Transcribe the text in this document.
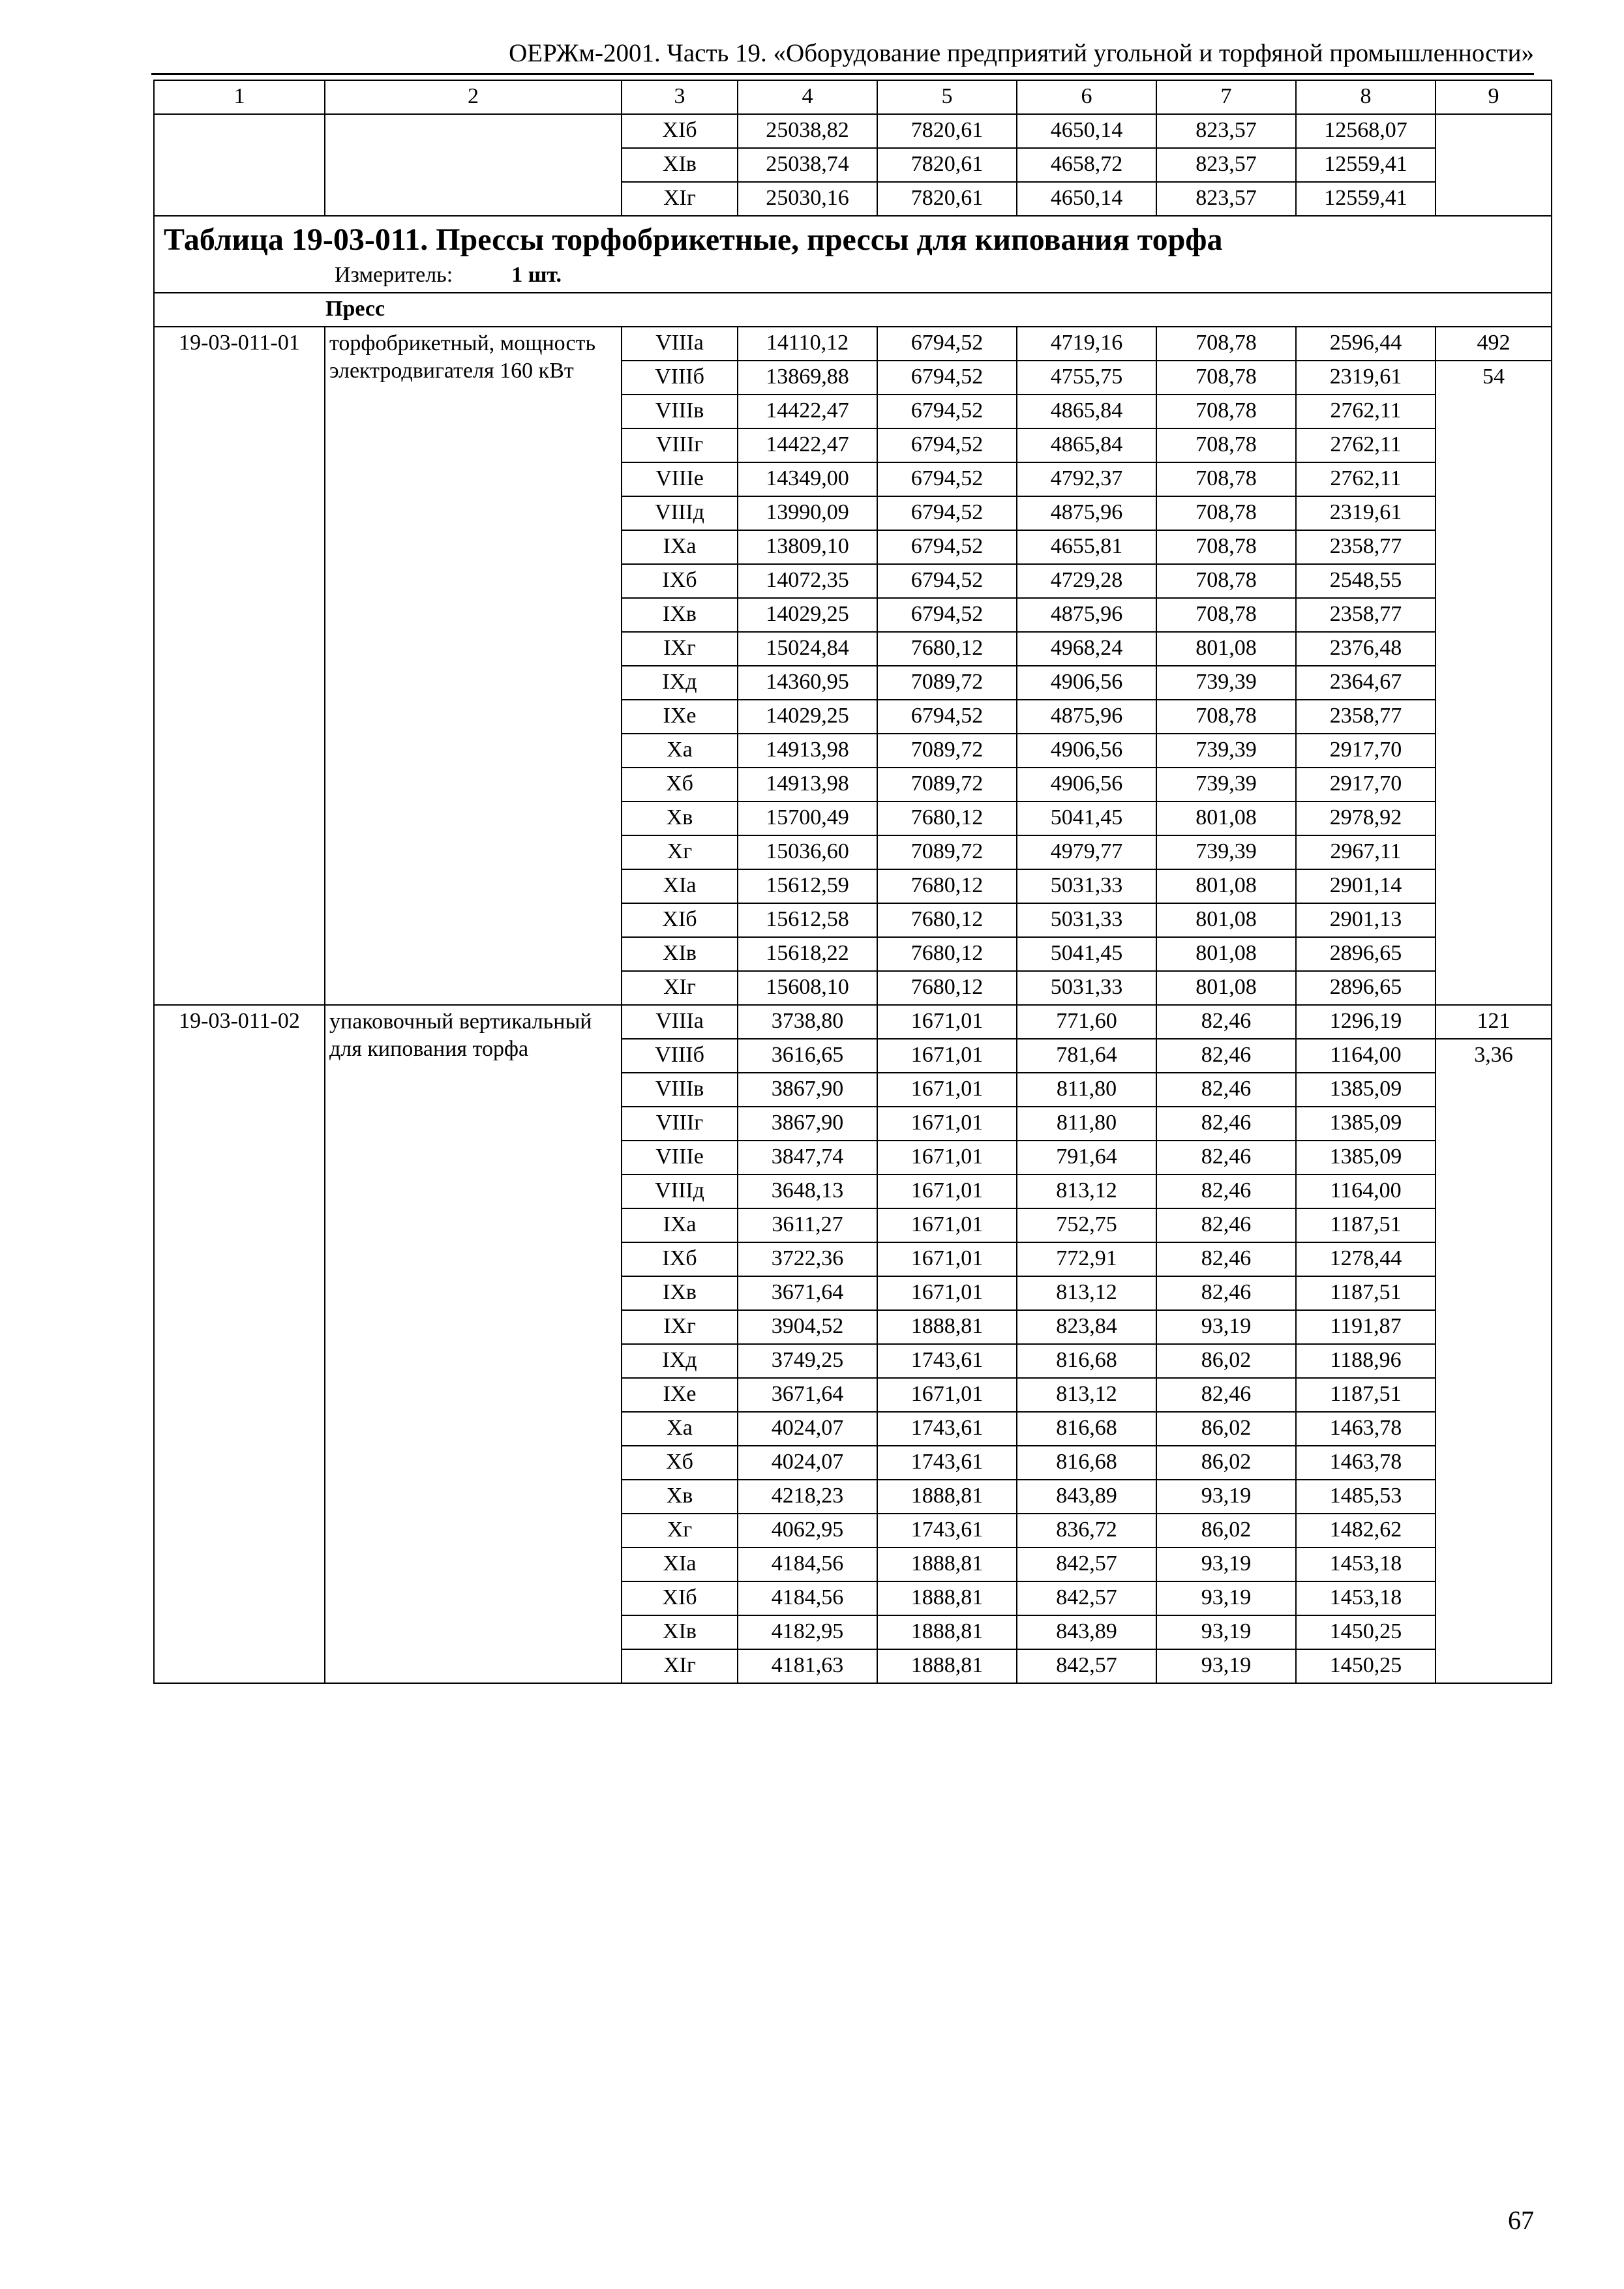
ОЕРЖм-2001. Часть 19. «Оборудование предприятий угольной и торфяной промышленности»
1	2	3	4	5	6	7	8	9
		XIб	25038,82	7820,61	4650,14	823,57	12568,07	
		XIв	25038,74	7820,61	4658,72	823,57	12559,41	
		XIг	25030,16	7820,61	4650,14	823,57	12559,41	

Таблица 19-03-011. Прессы торфобрикетные, прессы для кипования торфа
Измеритель: 1 шт.								

Пресс								
19-03-011-01	торфобрикетный, мощность электродвигателя 160 кВт	VIIIа	14110,12	6794,52	4719,16	708,78	2596,44	492
		VIIIб	13869,88	6794,52	4755,75	708,78	2319,61	54
		VIIIв	14422,47	6794,52	4865,84	708,78	2762,11	
		VIIIг	14422,47	6794,52	4865,84	708,78	2762,11	
		VIIIе	14349,00	6794,52	4792,37	708,78	2762,11	
		VIIIд	13990,09	6794,52	4875,96	708,78	2319,61	
		IXа	13809,10	6794,52	4655,81	708,78	2358,77	
		IXб	14072,35	6794,52	4729,28	708,78	2548,55	
		IXв	14029,25	6794,52	4875,96	708,78	2358,77	
		IXг	15024,84	7680,12	4968,24	801,08	2376,48	
		IXд	14360,95	7089,72	4906,56	739,39	2364,67	
		IXе	14029,25	6794,52	4875,96	708,78	2358,77	
		Xа	14913,98	7089,72	4906,56	739,39	2917,70	
		Xб	14913,98	7089,72	4906,56	739,39	2917,70	
		Xв	15700,49	7680,12	5041,45	801,08	2978,92	
		Xг	15036,60	7089,72	4979,77	739,39	2967,11	
		XIа	15612,59	7680,12	5031,33	801,08	2901,14	
		XIб	15612,58	7680,12	5031,33	801,08	2901,13	
		XIв	15618,22	7680,12	5041,45	801,08	2896,65	
		XIг	15608,10	7680,12	5031,33	801,08	2896,65	
19-03-011-02	упаковочный вертикальный для кипования торфа	VIIIа	3738,80	1671,01	771,60	82,46	1296,19	121
		VIIIб	3616,65	1671,01	781,64	82,46	1164,00	3,36
		VIIIв	3867,90	1671,01	811,80	82,46	1385,09	
		VIIIг	3867,90	1671,01	811,80	82,46	1385,09	
		VIIIе	3847,74	1671,01	791,64	82,46	1385,09	
		VIIIд	3648,13	1671,01	813,12	82,46	1164,00	
		IXа	3611,27	1671,01	752,75	82,46	1187,51	
		IXб	3722,36	1671,01	772,91	82,46	1278,44	
		IXв	3671,64	1671,01	813,12	82,46	1187,51	
		IXг	3904,52	1888,81	823,84	93,19	1191,87	
		IXд	3749,25	1743,61	816,68	86,02	1188,96	
		IXе	3671,64	1671,01	813,12	82,46	1187,51	
		Xа	4024,07	1743,61	816,68	86,02	1463,78	
		Xб	4024,07	1743,61	816,68	86,02	1463,78	
		Xв	4218,23	1888,81	843,89	93,19	1485,53	
		Xг	4062,95	1743,61	836,72	86,02	1482,62	
		XIа	4184,56	1888,81	842,57	93,19	1453,18	
		XIб	4184,56	1888,81	842,57	93,19	1453,18	
		XIв	4182,95	1888,81	843,89	93,19	1450,25	
		XIг	4181,63	1888,81	842,57	93,19	1450,25	
67
